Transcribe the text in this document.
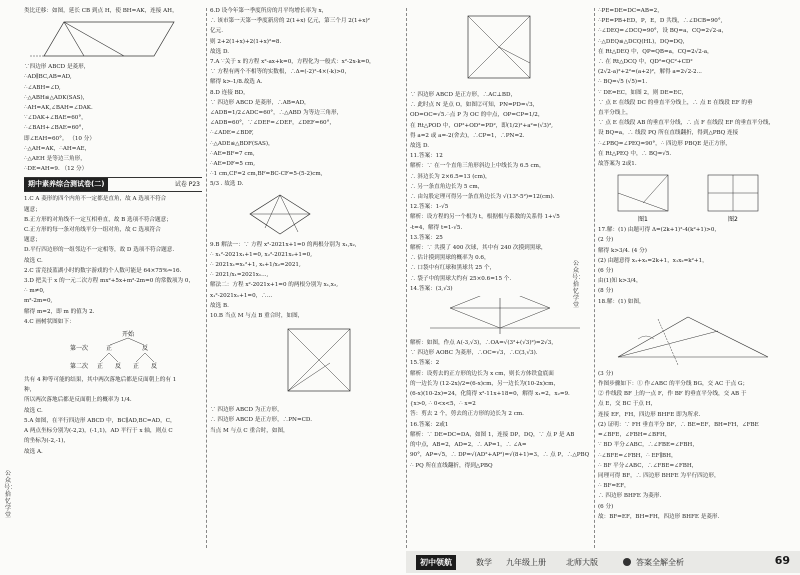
公众号：拾忆学堂
公众号：拾忆学堂
类比迁移：如图，延长 CB 到点 H，使 BH=AK，连接 AH，
∵四边形 ABCD 是菱形，
∴AD∥BC,AB=AD,
∴∠ABH=∠D,
∴△ABH≌△ADK(SAS)，
∴AH=AK,∠BAH=∠DAK.
∵∠DAK+∠BAE=60°，
∴∠BAH+∠BAE=60°，
即∠EAH=60°。 （10 分）
∴△AH=AK，∴AH=AE，
∴△AEH 是等边三角形，
∴DE=AH=9. （12 分）
期中素养综合测试卷(二)	试卷 P23
1.C A 菱形的四个内角不一定都是直角，故 A 选项不符合
题意；
B.正方形的对角线不一定互相垂直，故 B 选项不符合题意；
C.正方形的每一条对角线平分一组对角，故 C 选项符合
题意；
D.平行四边形的一组邻边不一定相等，故 D 选项不符合题意.
故选 C.
2.C 雷竞技蓝湖小时的数字游戏的个人数可能是 64×75%≈16.
3.D 把关于 x 的一元二次方程 mx²+5x+m²-2m=0 的常数项为 0，
∴ m≠0,
m²-2m=0,
解得 m=2，即 m 的值为 2.
4.C 画树状图如下：
开始
第一次
第二次
正	反
正 反 正 反
共有 4 种等可能的结果，其中两次落地后都是反面朝上的有 1
种，
所以两次落地后都是反面朝上的概率为 1/4.
故选 C.
5.A 如图，在平行四边形 ABCD 中，BC∥AD,BC=AD，C，
A 两点坐标分别为(-2,2)，(-1,1)，AD 平行于 x 轴，则点 C
的坐标为(-2,-1)，
故选 A.
6.D 设今年第一季度所房的月平均增长率为 x，
∴ 该市第一天第一季度新房的 2(1+x) 亿元，第三个月 2(1+x)²
亿元.
则 2+2(1+x)+2(1+x)²=8.
故选 D.
7.A ∵关于 x 的方程 x²-ax+k=0，方程化为一般式：x²-2x-k=0，
∵ 方程有两个不相等的实数根，∴Δ=(-2)²-4×(-k)>0，
解得 k>-1/8.故选 A.
8.D 连接 BD，
∵ 四边形 ABCD 是菱形，∴AB=AD，
∠ADB=1/2∠ADC=60°，∴△ABD 为等边三角形，
∠ADB=60°，∵∠DEF=∠DEF，∠DEF=60°，
∴∠ADE=∠BDF,
∴△ADE≌△BDF(SAS)，
∴AE=BF=7 cm,
∴AE=DF=5 cm,
∴1 cm,CF=2 cm,BF=BC-CF=5-(5-2)cm,
5/3 . 故选 D.
9.B 解法一：∵ 方程 x²-2021x+1=0 的两根分别为 x₁,x₂,
∴ x₁²-2021x₁+1=0, x₂²-2021x₂+1=0,
∴ 2021x₁=x₁²+1, x₂+1/x₂=2021,
∴ 2021/x₁=2021x₁...,
解法二：方程 x²-2021x+1=0 的两根分别为 x₁,x₂,
x₁²-2021x₁+1=0，∴...
故选 B.
10.B 当点 M 与点 B 重合时，如图，
∵ 四边形 ABCD 为正方形，
∴ 四边形 ABCD 是正方形，∴PN=CD.
当点 M 与点 C 重合时，如图，
∵ 四边形 ABCD 是正方形，∴AC⊥BD，
∴ 此时点 N 是点 O，如图②可知，PN=PD=√3，
OD=OC=√5.∴点 P 为 OC 的中点，OP=CP=1/2，
在 Rt△POD 中，OP²+OD²=PD²，即(1/2)²+a²=(√3)²,
得 a=2 或 a=-2(舍去)，∴CP=1，∴PN=2.
故选 D.
11.答案：12
解析：∵ 在一个直角三角形斜边上中线长为 6.5 cm，
∴ 斜边长为 2×6.5=13 (cm)，
∴ 另一条直角边长为 5 cm，
∴ 由勾股定理可得另一条直角边长为 √(13²-5²)=12(cm).
12.答案：1-√5
解析：设方程的另一个根为 t，根据根与系数的关系得 1+√5
-t=4，解得 t=1-√5.
13.答案：25
解析：∵ 共摸了 400 次球，其中有 240 次摸到黑球，
∴ 估计摸到黑球的概率为 0.6，
∴ 口袋中有红球和黑球共 25 个，
∴ 袋子中的黑球大约有 25×0.6=15 个.
14.答案：(3,√3)
解析：如图，作点 A(-3,√3)，∴OA=√(3²+(√3)²)=2√3，
∵ 四边形 AOBC 为菱形，∴OC=√3，∴C(3,√3).
15.答案：2
解析：设剪去的正方形的边长为 x cm，则长方体铁盒底面
的一边长为 (12-2x)/2=(6-x)cm，另一边长为(10-2x)cm，
(6-x)(10-2x)=24，化简得 x²-11x+18=0，解得 x₁=2，x₂=9.
{x>0, ∴ 0<x<5，∴ x=2
答：剪去 2 个，剪去的正方形的边长为 2 cm.
16.答案：2或1
解析：∵ DE=DC=DA，如图 1，连接 DP，DQ，∵ 点 P 是 AB
的中点，AB=2，AD=2，∴ AP=1，∴ ∠A=
90°，AP=√5，∴ DP=√(AD²+AP²)=√(8+1)=3，∴ 点 P，∴△PBQ
∴ PQ 所在直线翻折，得到△PBQ
∴PE=DE=DC=AB=2，
∴PE=PB+ED，P，E，D 共线，∴∠DCB=90°,
∴∠DEQ=∠DCQ=90°，设 BQ=a，CQ=2√2-a，
∴△DEQ≌△DCQ(HL)，DQ=DQ，
在 Rt△DEQ 中，QP=QB=a，CQ=2√2-a，
∴ 在 Rt△DCQ 中，QD²=QC²+CD²
(2√2-a)²+2²=(a+2)²，解得 a=2√2-2...
∴ BQ=√5 (√5)=1.
∵ DE=EC，如图 2，则 DE=EC，
∵ 点 E 在线段 DC 的垂直平分线上，∴ 点 E 在线段 EF 的垂
直平分线上，
∵ 点 E 在线段 AB 的垂直平分线，∴ 点 F 在线段 EF 的垂直平分线，
设 BQ=a，∴ 线段 PQ 所在直线翻折，得到△PBQ 连接
∴∠PBQ=∠PEQ=90°，∴ 四边形 PBQE 是正方形，
在 Rt△PEQ 中，∴ BQ=√5.
故答案为 2或1.
图1	图2
17.解：(1) 由题可得 Δ=(2k+1)²-4(k²+1)>0，
(2 分)
解得 k>3/4. (4 分)
(2) 由题意得 x₁+x₂=2k+1，x₁x₂=k²+1，
(6 分)
由(1)知 k>3/4，
(8 分)
18.解：(1) 如图，
(3 分)
作图步骤如下：① 作∠ABC 的平分线 BG，交 AC 于点 G；
② 作线段 BF 上的一点 F，作 BF 的垂直平分线，交 AB 于
点 E，交 BC 于点 H，
连接 EF，FH，四边形 BHFE 即为所求.
(2) 证明：∵ FH 垂直平分 BF，∴ BE=EF，BH=FH，∠FBE
=∠BFE，∠FBH=∠BFH，
∵ BD 平分∠ABC，∴∠FBE=∠FBH，
∴∠BFE=∠FBH，∴ EF∥BH，
∴ BF 平分∠ABC，∴∠FBE=∠FBH，
同理可得 BF，∴ 四边形 BHFE 为平行四边形，
∴ BF=EF，
∴ 四边形 BHFE 为菱形.
(6 分)
故：BF=EF，BH=FH，四边形 BHFE 是菱形.
初中领航	数学 九年级上册	北师大版	答案全解全析	69
